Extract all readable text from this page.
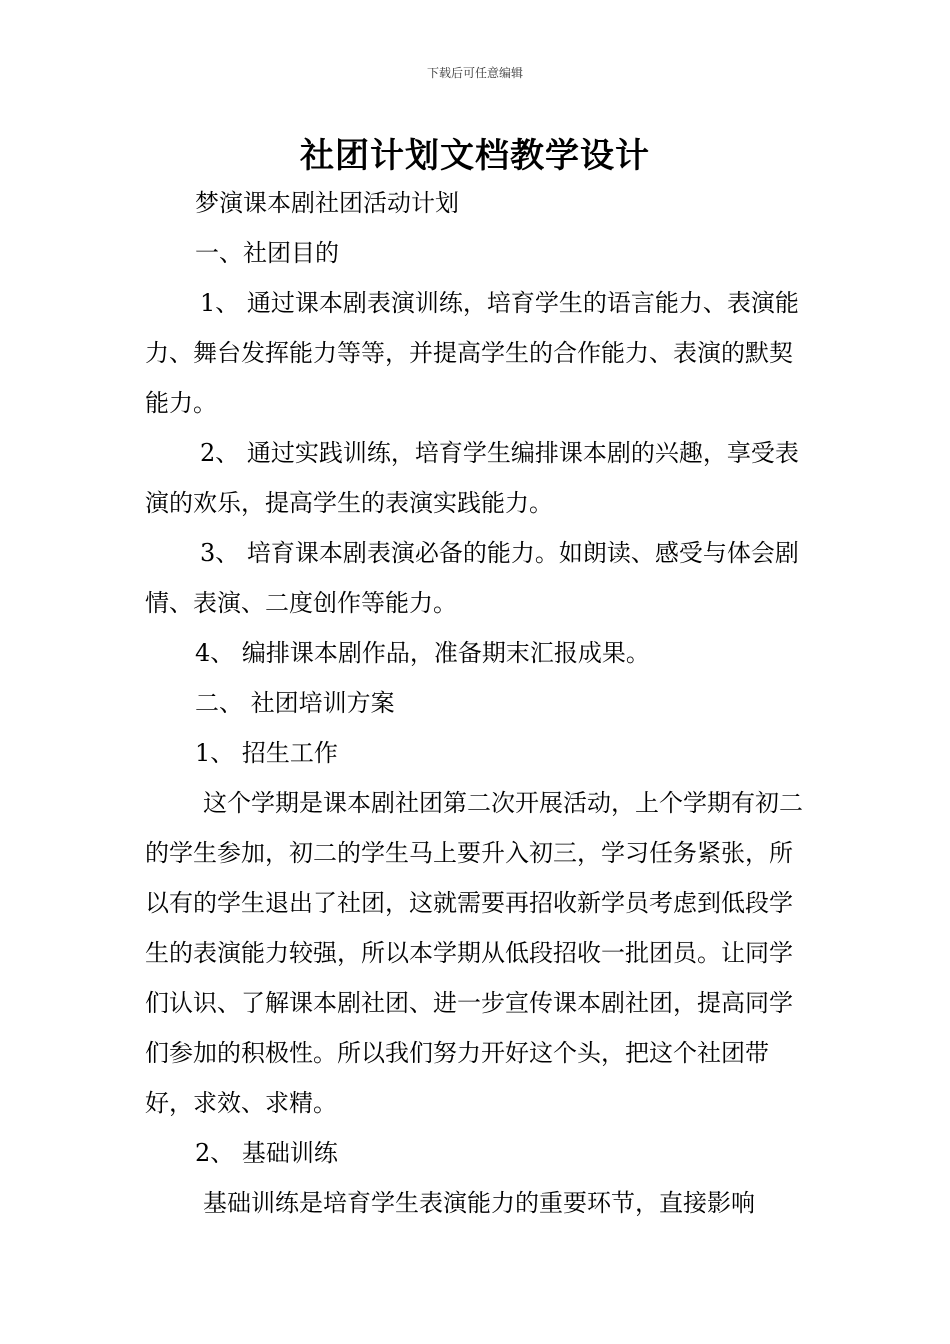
下载后可任意编辑
社团计划文档教学设计

梦演课本剧社团活动计划

一、社团目的

1、 通过课本剧表演训练，培育学生的语言能力、表演能力、舞台发挥能力等等，并提高学生的合作能力、表演的默契能力。

2、 通过实践训练，培育学生编排课本剧的兴趣，享受表演的欢乐，提高学生的表演实践能力。

3、 培育课本剧表演必备的能力。如朗读、感受与体会剧情、表演、二度创作等能力。

4、 编排课本剧作品，准备期末汇报成果。

二、 社团培训方案

1、 招生工作

这个学期是课本剧社团第二次开展活动，上个学期有初二的学生参加，初二的学生马上要升入初三，学习任务紧张，所以有的学生退出了社团，这就需要再招收新学员考虑到低段学生的表演能力较强，所以本学期从低段招收一批团员。让同学们认识、了解课本剧社团、进一步宣传课本剧社团，提高同学们参加的积极性。所以我们努力开好这个头，把这个社团带好，求效、求精。

2、 基础训练

基础训练是培育学生表演能力的重要环节，直接影响
